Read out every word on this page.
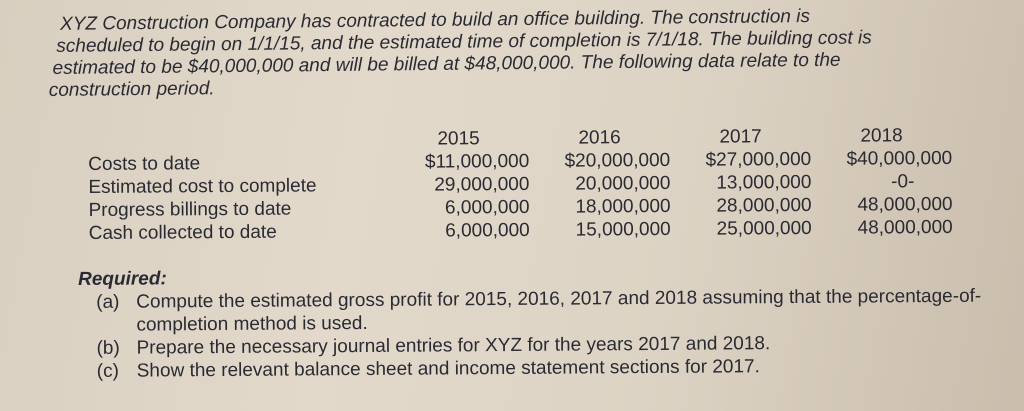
XYZ Construction Company has contracted to build an office building. The construction is
scheduled to begin on 1/1/15, and the estimated time of completion is 7/1/18. The building cost is
estimated to be $40,000,000 and will be billed at $48,000,000. The following data relate to the
construction period.
2015	2016	2017	2018
Costs to date	$11,000,000	$20,000,000	$27,000,000	$40,000,000
Estimated cost to complete	29,000,000	20,000,000	13,000,000	-0-
Progress billings to date	6,000,000	18,000,000	28,000,000	48,000,000
Cash collected to date	6,000,000	15,000,000	25,000,000	48,000,000
Required:
(a) Compute the estimated gross profit for 2015, 2016, 2017 and 2018 assuming that the percentage-of-completion method is used.
(b) Prepare the necessary journal entries for XYZ for the years 2017 and 2018.
(c) Show the relevant balance sheet and income statement sections for 2017.
